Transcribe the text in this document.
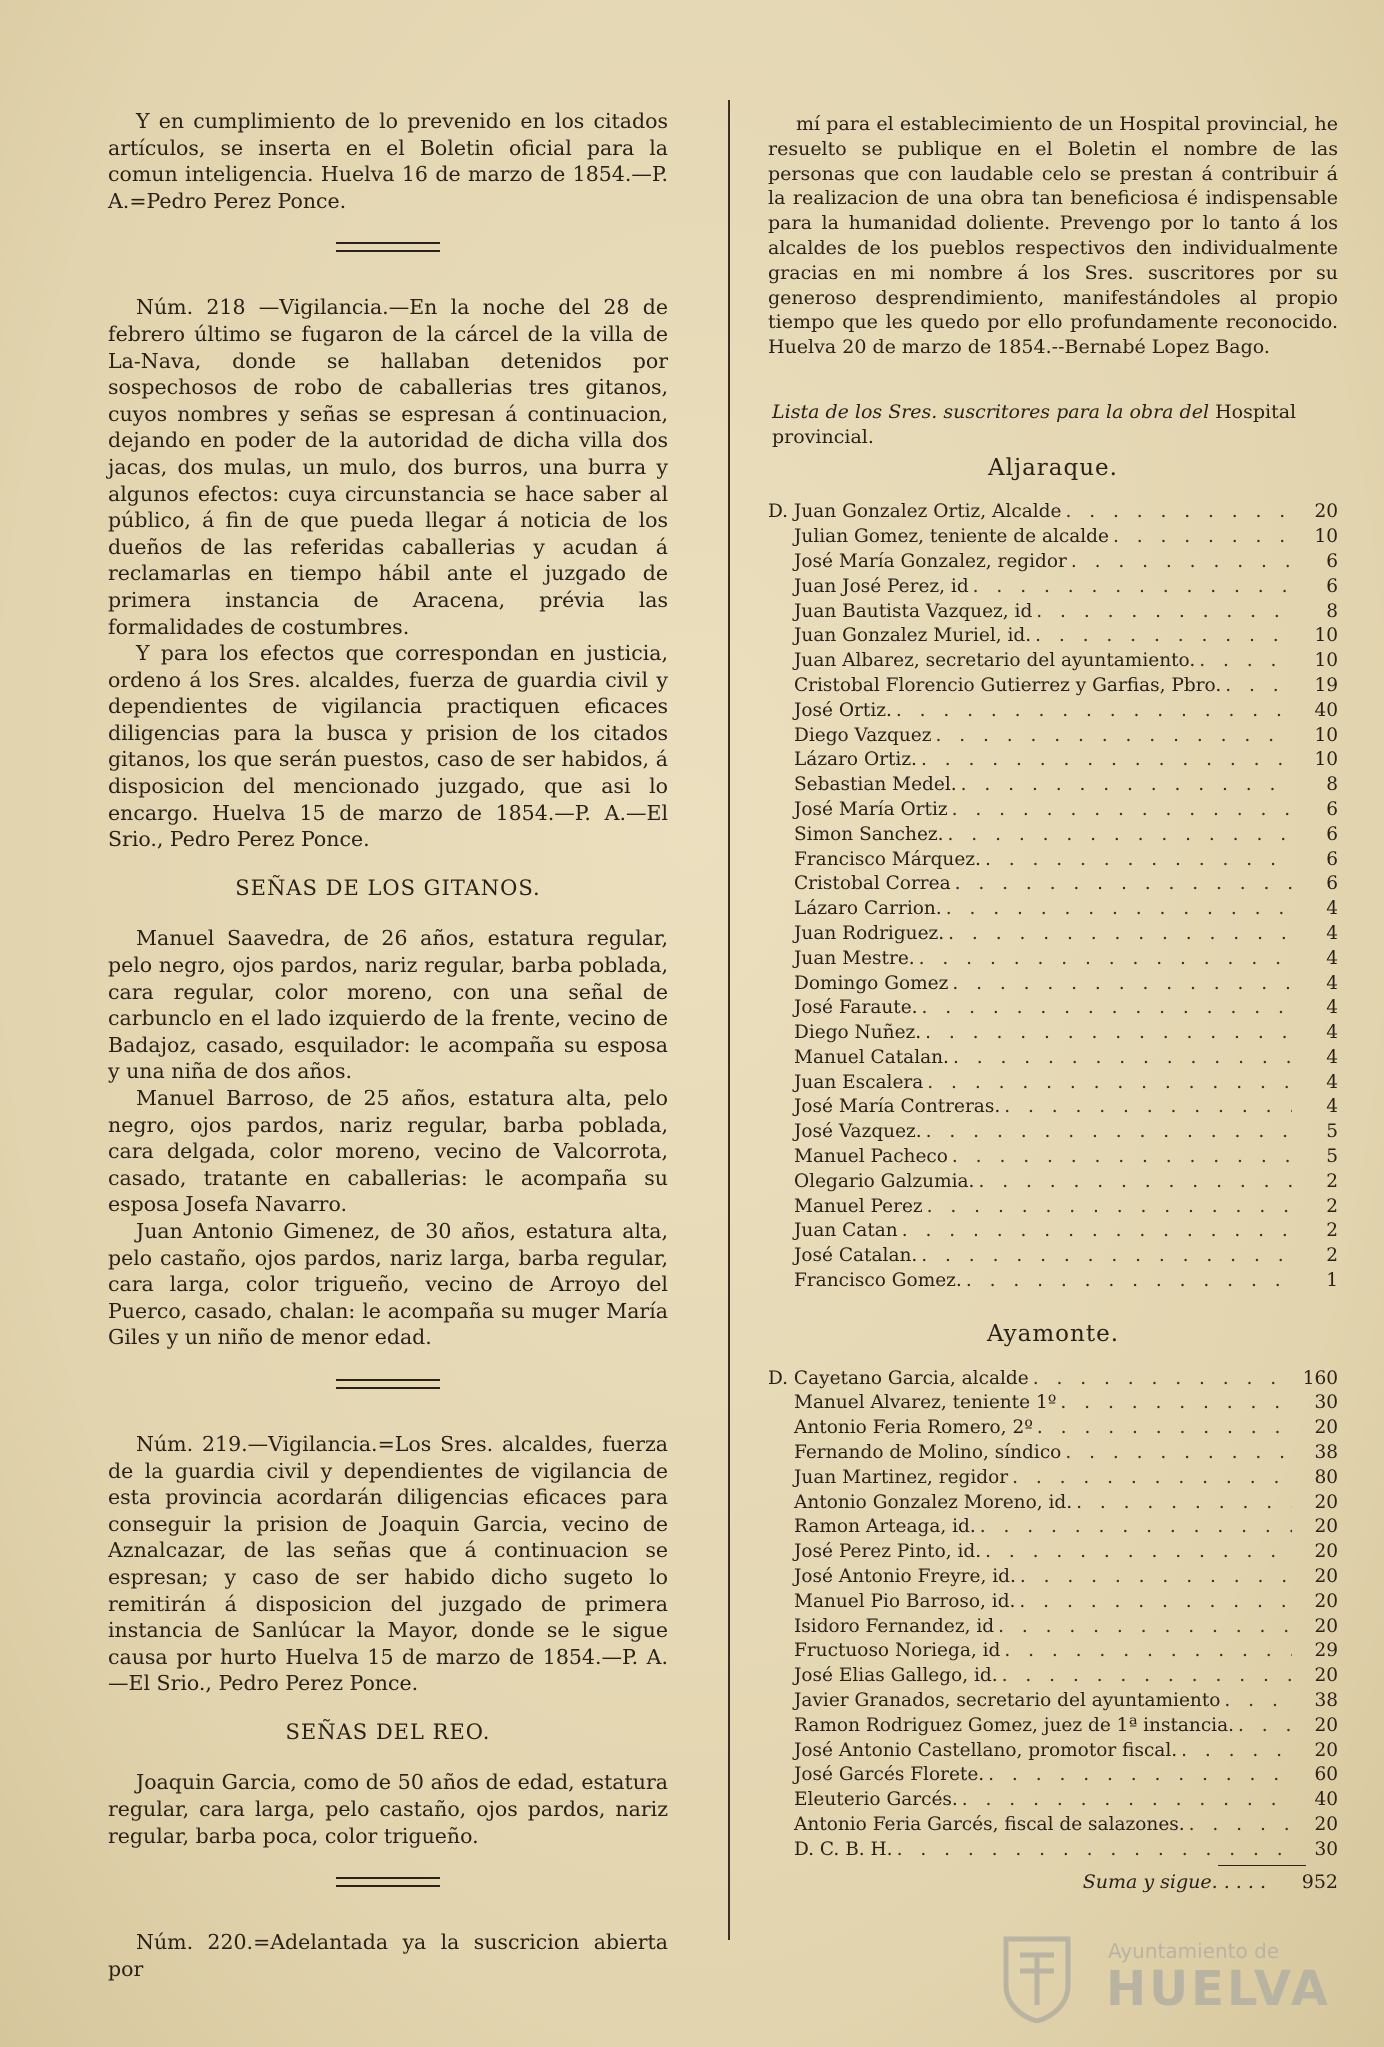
Y en cumplimiento de lo prevenido en los citados artículos, se inserta en el Boletin oficial para la comun inteligencia. Huelva 16 de marzo de 1854.—P. A.=Pedro Perez Ponce.

Núm. 218 —Vigilancia.—En la noche del 28 de febrero último se fugaron de la cárcel de la villa de La-Nava, donde se hallaban detenidos por sospechosos de robo de caballerias tres gitanos, cuyos nombres y señas se espresan á continuacion, dejando en poder de la autoridad de dicha villa dos jacas, dos mulas, un mulo, dos burros, una burra y algunos efectos: cuya circunstancia se hace saber al público, á fin de que pueda llegar á noticia de los dueños de las referidas caballerias y acudan á reclamarlas en tiempo hábil ante el juzgado de primera instancia de Aracena, prévia las formalidades de costumbres.

Y para los efectos que correspondan en justicia, ordeno á los Sres. alcaldes, fuerza de guardia civil y dependientes de vigilancia practiquen eficaces diligencias para la busca y prision de los citados gitanos, los que serán puestos, caso de ser habidos, á disposicion del mencionado juzgado, que asi lo encargo. Huelva 15 de marzo de 1854.—P. A.—El Srio., Pedro Perez Ponce.

SEÑAS DE LOS GITANOS.

Manuel Saavedra, de 26 años, estatura regular, pelo negro, ojos pardos, nariz regular, barba poblada, cara regular, color moreno, con una señal de carbunclo en el lado izquierdo de la frente, vecino de Badajoz, casado, esquilador: le acompaña su esposa y una niña de dos años.

Manuel Barroso, de 25 años, estatura alta, pelo negro, ojos pardos, nariz regular, barba poblada, cara delgada, color moreno, vecino de Valcorrota, casado, tratante en caballerias: le acompaña su esposa Josefa Navarro.

Juan Antonio Gimenez, de 30 años, estatura alta, pelo castaño, ojos pardos, nariz larga, barba regular, cara larga, color trigueño, vecino de Arroyo del Puerco, casado, chalan: le acompaña su muger María Giles y un niño de menor edad.

Núm. 219.—Vigilancia.=Los Sres. alcaldes, fuerza de la guardia civil y dependientes de vigilancia de esta provincia acordarán diligencias eficaces para conseguir la prision de Joaquin Garcia, vecino de Aznalcazar, de las señas que á continuacion se espresan; y caso de ser habido dicho sugeto lo remitirán á disposicion del juzgado de primera instancia de Sanlúcar la Mayor, donde se le sigue causa por hurto Huelva 15 de marzo de 1854.—P. A.—El Srio., Pedro Perez Ponce.

SEÑAS DEL REO.

Joaquin Garcia, como de 50 años de edad, estatura regular, cara larga, pelo castaño, ojos pardos, nariz regular, barba poca, color trigueño.

Núm. 220.=Adelantada ya la suscricion abierta por

mí para el establecimiento de un Hospital provincial, he resuelto se publique en el Boletin el nombre de las personas que con laudable celo se prestan á contribuir á la realizacion de una obra tan beneficiosa é indispensable para la humanidad doliente. Prevengo por lo tanto á los alcaldes de los pueblos respectivos den individualmente gracias en mi nombre á los Sres. suscritores por su generoso desprendimiento, manifestándoles al propio tiempo que les quedo por ello profundamente reconocido. Huelva 20 de marzo de 1854.--Bernabé Lopez Bago.

Lista de los Sres. suscritores para la obra del Hospital provincial.

Aljaraque.
D. Juan Gonzalez Ortiz, Alcalde . . .	20
Julian Gomez, teniente de alcalde . . .	10
José María Gonzalez, regidor . . .	6
Juan José Perez, id . . .	6
Juan Bautista Vazquez, id . . .	8
Juan Gonzalez Muriel, id. . . .	10
Juan Albarez, secretario del ayuntamiento. . . .	10
Cristobal Florencio Gutierrez y Garfias, Pbro. . . .	19
José Ortiz. . . .	40
Diego Vazquez . . .	10
Lázaro Ortiz. . . .	10
Sebastian Medel. . . .	8
José María Ortiz . . .	6
Simon Sanchez. . . .	6
Francisco Márquez. . . .	6
Cristobal Correa . . .	6
Lázaro Carrion. . . .	4
Juan Rodriguez. . . .	4
Juan Mestre. . . .	4
Domingo Gomez . . .	4
José Faraute. . . .	4
Diego Nuñez. . . .	4
Manuel Catalan. . . .	4
Juan Escalera . . .	4
José María Contreras. . . .	4
José Vazquez. . . .	5
Manuel Pacheco . . .	5
Olegario Galzumia. . . .	2
Manuel Perez . . .	2
Juan Catan . . .	2
José Catalan. . . .	2
Francisco Gomez. . . .	1
Ayamonte.
D. Cayetano Garcia, alcalde . . .	160
Manuel Alvarez, teniente 1º . . .	30
Antonio Feria Romero, 2º . . .	20
Fernando de Molino, síndico . . .	38
Juan Martinez, regidor . . .	80
Antonio Gonzalez Moreno, id. . . .	20
Ramon Arteaga, id. . . .	20
José Perez Pinto, id. . . .	20
José Antonio Freyre, id. . . .	20
Manuel Pio Barroso, id. . . .	20
Isidoro Fernandez, id . . .	20
Fructuoso Noriega, id . . .	29
José Elias Gallego, id. . . .	20
Javier Granados, secretario del ayuntamiento . . .	38
Ramon Rodriguez Gomez, juez de 1ª instancia. . . .	20
José Antonio Castellano, promotor fiscal. . . .	20
José Garcés Florete. . . .	60
Eleuterio Garcés. . . .	40
Antonio Feria Garcés, fiscal de salazones. . . .	20
D. C. B. H. . . .	30
Suma y sigue. . . . .	952
Ayuntamiento de
HUELVA
